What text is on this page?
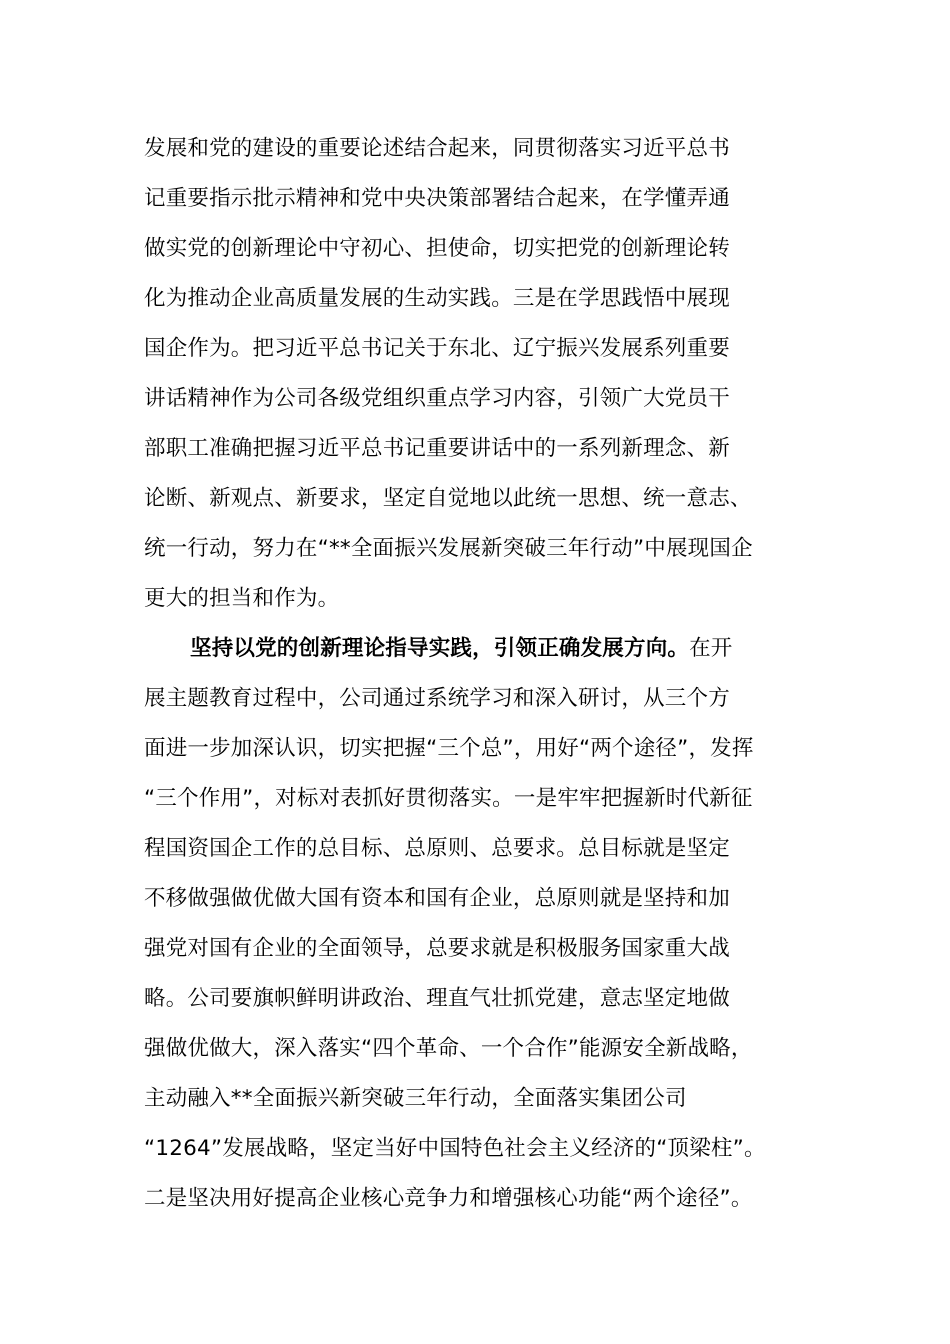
发展和党的建设的重要论述结合起来，同贯彻落实习近平总书
记重要指示批示精神和党中央决策部署结合起来，在学懂弄通
做实党的创新理论中守初心、担使命，切实把党的创新理论转
化为推动企业高质量发展的生动实践。三是在学思践悟中展现
国企作为。把习近平总书记关于东北、辽宁振兴发展系列重要
讲话精神作为公司各级党组织重点学习内容，引领广大党员干
部职工准确把握习近平总书记重要讲话中的一系列新理念、新
论断、新观点、新要求，坚定自觉地以此统一思想、统一意志、
统一行动，努力在“**全面振兴发展新突破三年行动”中展现国企
更大的担当和作为。
坚持以党的创新理论指导实践，引领正确发展方向。在开
展主题教育过程中，公司通过系统学习和深入研讨，从三个方
面进一步加深认识，切实把握“三个总”，用好“两个途径”，发挥
“三个作用”，对标对表抓好贯彻落实。一是牢牢把握新时代新征
程国资国企工作的总目标、总原则、总要求。总目标就是坚定
不移做强做优做大国有资本和国有企业，总原则就是坚持和加
强党对国有企业的全面领导，总要求就是积极服务国家重大战
略。公司要旗帜鲜明讲政治、理直气壮抓党建，意志坚定地做
强做优做大，深入落实“四个革命、一个合作”能源安全新战略，
主动融入**全面振兴新突破三年行动，全面落实集团公司
“1264”发展战略，坚定当好中国特色社会主义经济的“顶梁柱”。
二是坚决用好提高企业核心竞争力和增强核心功能“两个途径”。
